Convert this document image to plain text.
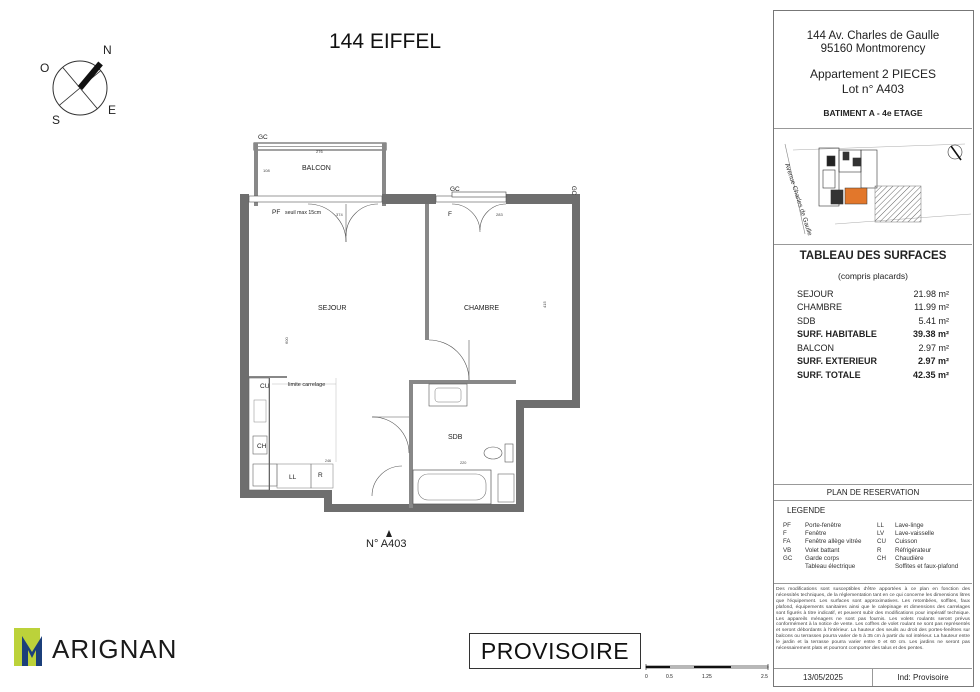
144 EIFFEL
N
E
S
O
GC
BALCON
276
108
CU
CH
LL	R
limite carrelage
246
SDB
220
SEJOUR	CHAMBRE
PF seuil max 15cm	F
GC	GC
374	283
600
415
N° A403
ARIGNAN	PROVISOIRE
0	0.5	1.25	2.5
144 Av. Charles de Gaulle
95160 Montmorency
Appartement 2 PIECES
Lot n° A403
BATIMENT A - 4e ETAGE
Avenue Charles de Gaulle
TABLEAU DES SURFACES
(compris placards)
SEJOUR	21.98 m²
CHAMBRE	11.99 m²
SDB	5.41 m²
SURF. HABITABLE	39.38 m²
BALCON	2.97 m²
SURF. EXTERIEUR	2.97 m²
SURF. TOTALE	42.35 m²
PLAN DE RESERVATION
LEGENDE
PF	Porte-fenêtre	LL	Lave-linge
F	Fenêtre	LV	Lave-vaisselle
FA	Fenêtre allège vitrée	CU	Cuisson
VB	Volet battant	R	Réfrigérateur
GC	Garde corps	CH	Chaudière
Tableau électrique	Soffites et faux-plafond
Des modifications sont susceptibles d'être apportées à ce plan en fonction des nécessités techniques, de la réglementation tant en ce qui concerne les dimensions litres que l'équipement. Les surfaces sont approximatives. Les retombées, soffites, faux plafond, équipements sanitaires ainsi que le calepinage et dimensions des carrelages sont figurés à titre indicatif, et peuvent subir des modifications pour impératif technique. Les appareils ménagers ne sont pas fournis. Les volets roulants seront prévus conformément à la notice de vente. Les coffres de volet roulant ne sont pas représentés et seront débordants à l'intérieur. La hauteur des seuils au droit des portes-fenêtres sur balcons ou terrasses pourra varier de 5 à 35 cm à partir du sol intérieur. La hauteur entre le jardin et la terrasse pourra varier entre 0 et 60 cm. Les jardins ne seront pas nécessairement plats et pourront comporter des talus et des pentes.
13/05/2025	Ind: Provisoire
